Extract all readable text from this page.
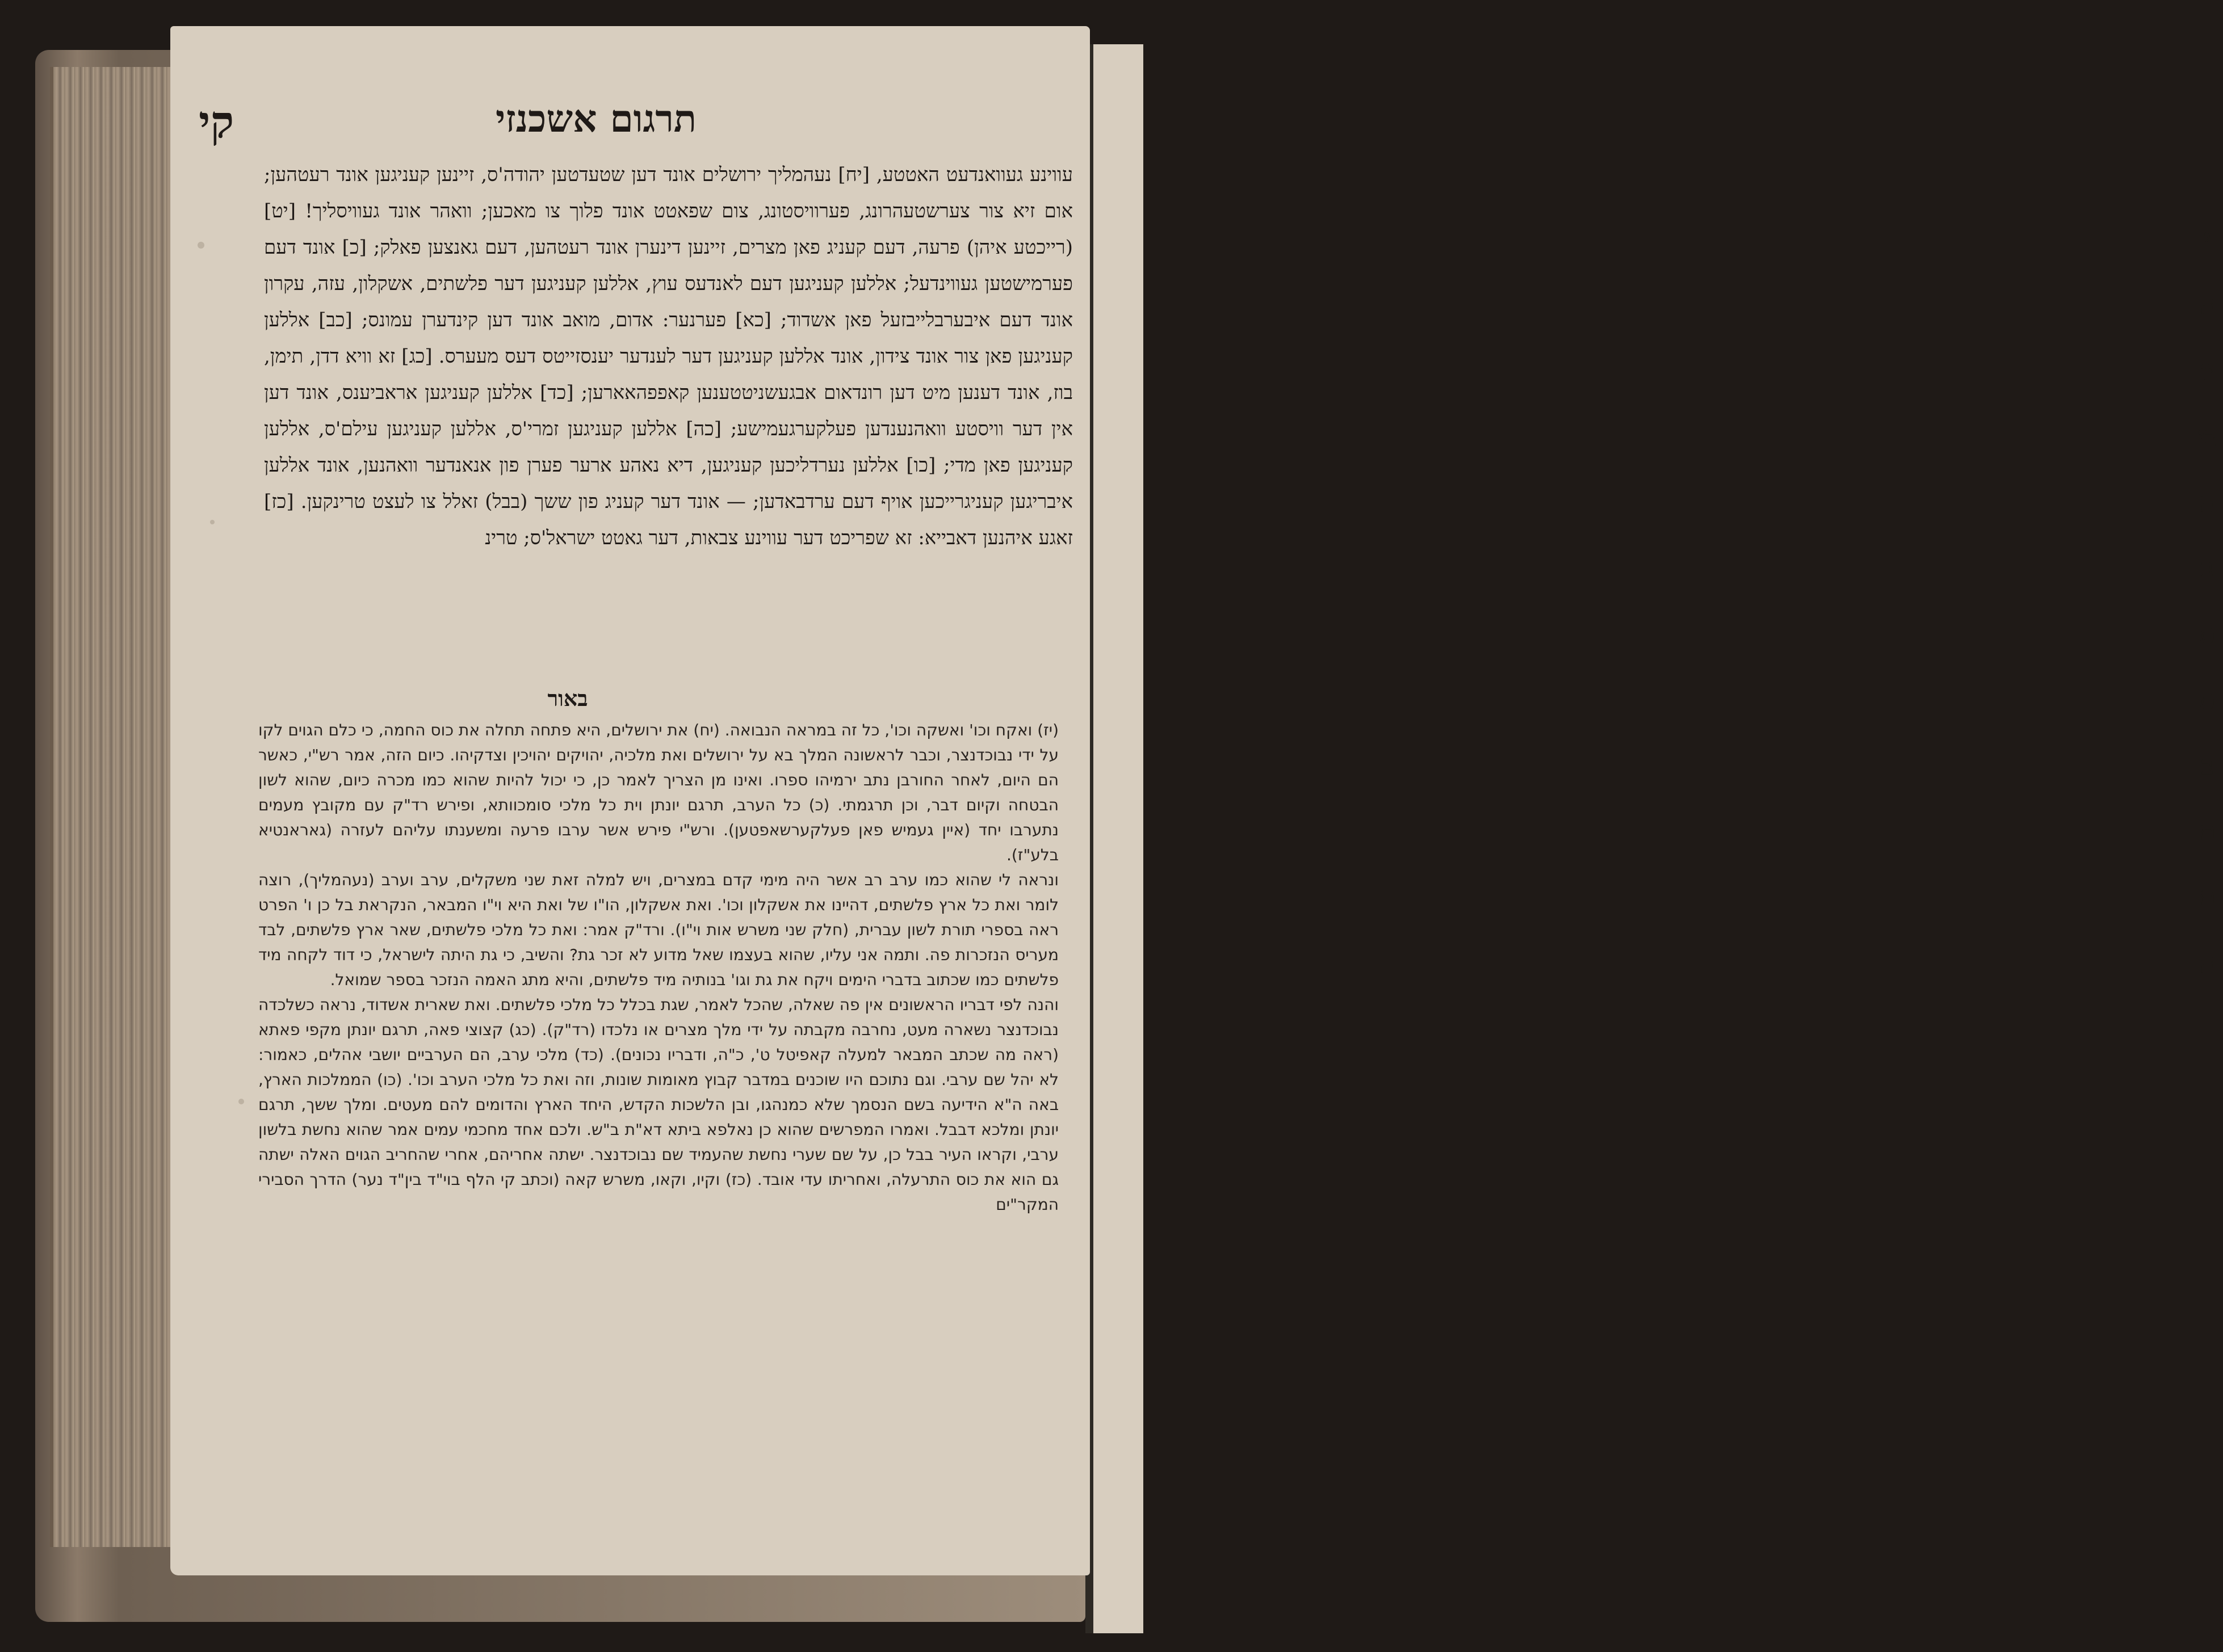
י
ה
יו
בי
ה
ב
ת
ת
ב
ם
ם
ה
תרגום אשכנזי
קי

עווינע געוואנדעט האטטע, [יח] נעהמליך ירושלים אונד דען שטעדטען יהודה'ס, זיינען קעניגען אונד רעטהען; אום זיא צור צערשטעהרונג, פערוויסטונג, צום שפאטט אונד פלוך צו מאכען; וואהר אונד געוויסליך! [יט] (רייכטע איהן) פרעה, דעם קעניג פאן מצרים, זיינען דינערן אונד רעטהען, דעם גאנצען פאלק; [כ] אונד דעם פערמישטען געווינדעל; אללען קעניגען דעם לאנדעס עוץ, אללען קעניגען דער פלשתים, אשקלון, עזה, עקרון אונד דעם איבערבלייבזעל פאן אשדוד; [כא] פערנער: אדום, מואב אונד דען קינדערן עמונס; [כב] אללען קעניגען פאן צור אונד צידון, אונד אללען קעניגען דער לענדער יענסזייטס דעס מעערס. [כג] זא וויא דדן, תימן, בוז, אונד דענען מיט דען רונדאום אבגעשניטטענען קאפפהאארען; [כד] אללען קעניגען אראביענס, אונד דען אין דער וויסטע וואהנענדען פעלקערגעמישע; [כה] אללען קעניגען זמרי'ס, אללען קעניגען עילם'ס, אללען קעניגען פאן מדי; [כו] אללען נערדליכען קעניגען, דיא נאהע ארער פערן פון אנאנדער וואהנען, אונד אללען איבריגען קעניגרייכען אויף דעם ערדבאדען; — אונד דער קעניג פון ששך (בבל) זאלל צו לעצט טרינקען. [כז] זאגע איהנען דאבייא: זא שפריכט דער עווינע צבאות, דער גאטט ישראל'ס; טרינ

באור

(יז) ואקח וכו' ואשקה וכו', כל זה במראה הנבואה. (יח) את ירושלים, היא פתחה תחלה את כוס החמה, כי כלם הגוים לקו על ידי נבוכדנצר, וכבר לראשונה המלך בא על ירושלים ואת מלכיה, יהויקים יהויכין וצדקיהו. כיום הזה, אמר רש"י, כאשר הם היום, לאחר החורבן נתב ירמיהו ספרו. ואינו מן הצריך לאמר כן, כי יכול להיות שהוא כמו מכרה כיום, שהוא לשון הבטחה וקיום דבר, וכן תרגמתי. (כ) כל הערב, תרגם יונתן וית כל מלכי סומכוותא, ופירש רד"ק עם מקובץ מעמים נתערבו יחד (איין געמיש פאן פעלקערשאפטען). ורש"י פירש אשר ערבו פרעה ומשענתו עליהם לעזרה (גאראנטיא בלע"ז).

ונראה לי שהוא כמו ערב רב אשר היה מימי קדם במצרים, ויש למלה זאת שני משקלים, ערב וערב (נעהמליך), רוצה לומר ואת כל ארץ פלשתים, דהיינו את אשקלון וכו'. ואת אשקלון, הו"ו של ואת היא וי"ו המבאר, הנקראת בל כן ו' הפרט ראה בספרי תורת לשון עברית, (חלק שני משרש אות וי"ו). ורד"ק אמר: ואת כל מלכי פלשתים, שאר ארץ פלשתים, לבד מעריס הנזכרות פה. ותמה אני עליו, שהוא בעצמו שאל מדוע לא זכר גת? והשיב, כי גת היתה לישראל, כי דוד לקחה מיד פלשתים כמו שכתוב בדברי הימים ויקח את גת וגו' בנותיה מיד פלשתים, והיא מתג האמה הנזכר בספר שמואל.

והנה לפי דבריו הראשונים אין פה שאלה, שהכל לאמר, שגת בכלל כל מלכי פלשתים. ואת שארית אשדוד, נראה כשלכדה נבוכדנצר נשארה מעט, נחרבה מקבתה על ידי מלך מצרים או נלכדו (רד"ק). (כג) קצוצי פאה, תרגם יונתן מקפי פאתא (ראה מה שכתב המבאר למעלה קאפיטל ט', כ"ה, ודבריו נכונים). (כד) מלכי ערב, הם הערביים יושבי אהלים, כאמור: לא יהל שם ערבי. וגם נתוכם היו שוכנים במדבר קבוץ מאומות שונות, וזה ואת כל מלכי הערב וכו'. (כו) הממלכות הארץ, באה ה"א הידיעה בשם הנסמך שלא כמנהגו, ובן הלשכות הקדש, היחד הארץ והדומים להם מעטים. ומלך ששך, תרגם יונתן ומלכא דבבל. ואמרו המפרשים שהוא כן נאלפא ביתא דא"ת ב"ש. ולכם אחד מחכמי עמים אמר שהוא נחשת בלשון ערבי, וקראו העיר בבל כן, על שם שערי נחשת שהעמיד שם נבוכדנצר. ישתה אחריהם, אחרי שהחריב הגוים האלה ישתה גם הוא את כוס התרעלה, ואחריתו עדי אובד. (כז) וקיו, וקאו, משרש קאה (וכתב קי הלף בוי"ד בין"ד נער) הדרך הסבירי המקר"ים
